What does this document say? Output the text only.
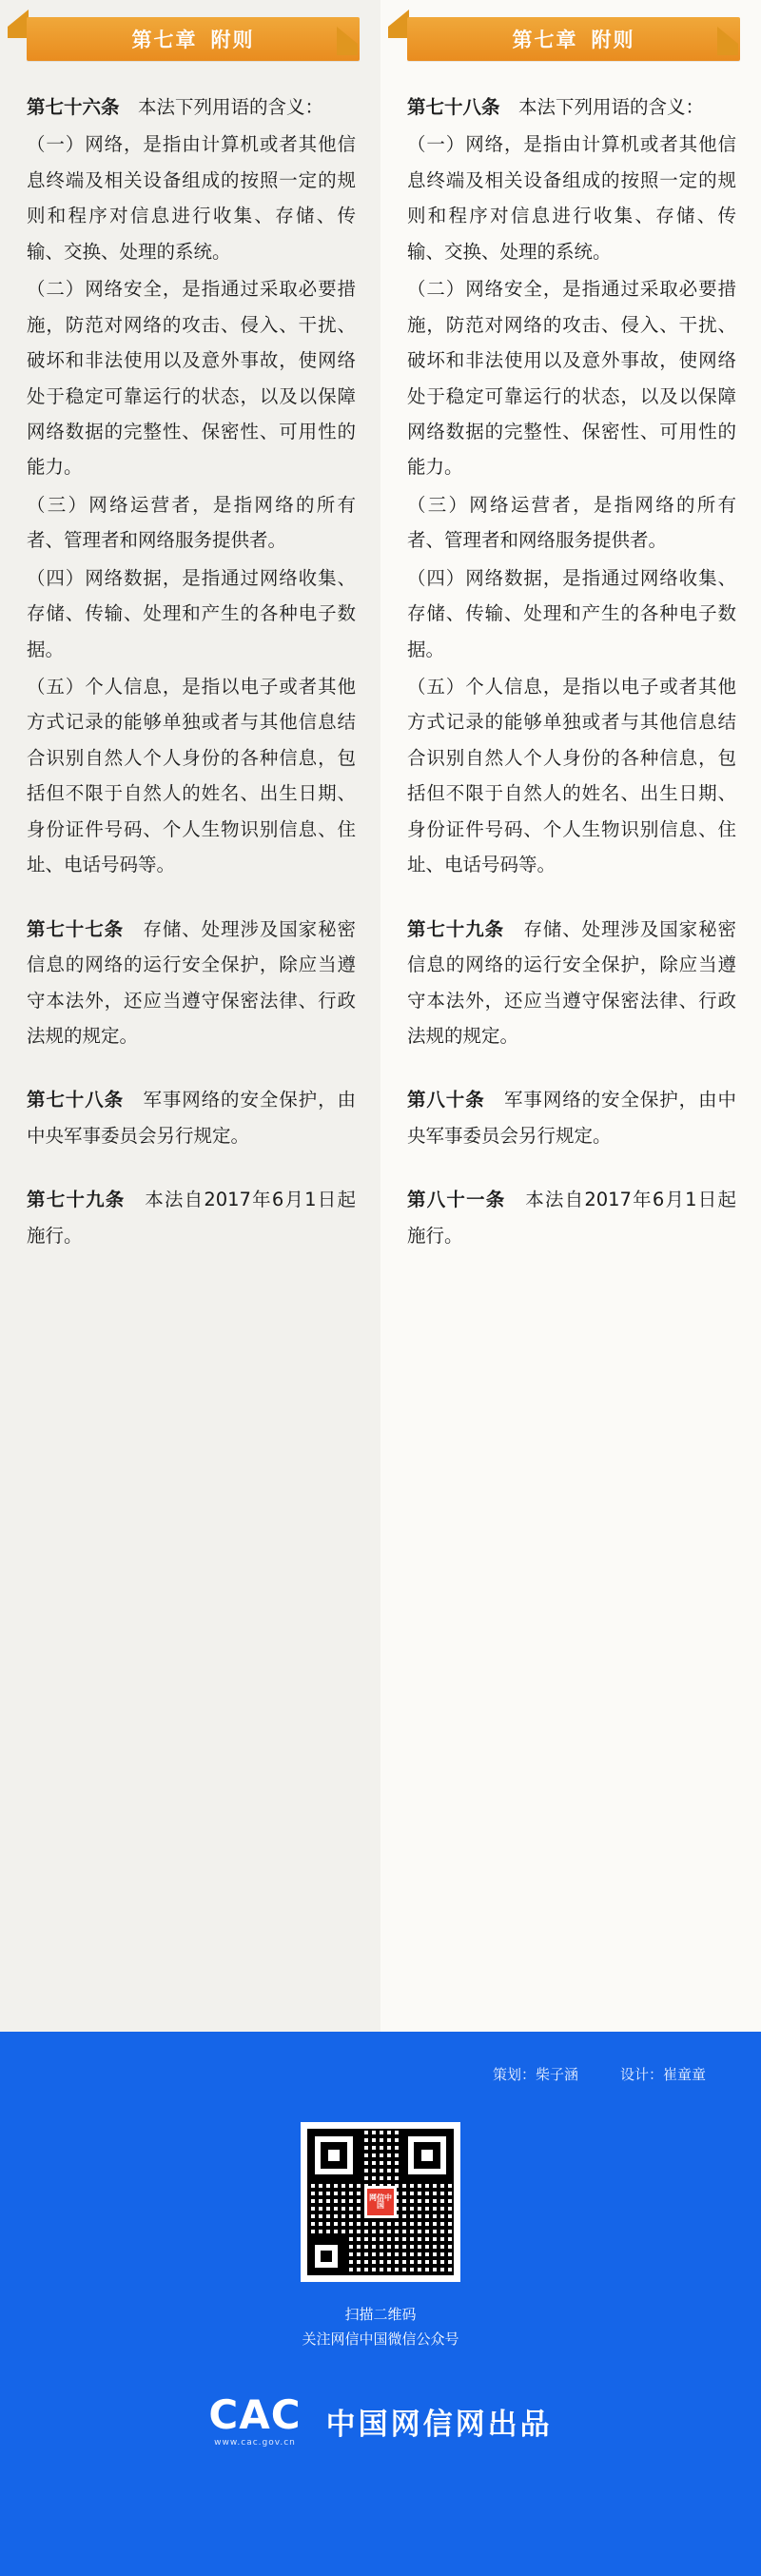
第七章 附则

第七十六条　 本法下列用语的含义：

（一）网络，是指由计算机或者其他信息终端及相关设备组成的按照一定的规则和程序对信息进行收集、存储、传输、交换、处理的系统。

（二）网络安全，是指通过采取必要措施，防范对网络的攻击、侵入、干扰、破坏和非法使用以及意外事故，使网络处于稳定可靠运行的状态，以及以保障网络数据的完整性、保密性、可用性的能力。

（三）网络运营者，是指网络的所有者、管理者和网络服务提供者。

（四）网络数据，是指通过网络收集、存储、传输、处理和产生的各种电子数据。

（五）个人信息，是指以电子或者其他方式记录的能够单独或者与其他信息结合识别自然人个人身份的各种信息，包括但不限于自然人的姓名、出生日期、身份证件号码、个人生物识别信息、住址、电话号码等。

第七十七条　 存储、处理涉及国家秘密信息的网络的运行安全保护，除应当遵守本法外，还应当遵守保密法律、行政法规的规定。

第七十八条　 军事网络的安全保护，由中央军事委员会另行规定。

第七十九条　 本法自2017年6月1日起施行。

第七章 附则

第七十八条　 本法下列用语的含义：

（一）网络，是指由计算机或者其他信息终端及相关设备组成的按照一定的规则和程序对信息进行收集、存储、传输、交换、处理的系统。

（二）网络安全，是指通过采取必要措施，防范对网络的攻击、侵入、干扰、破坏和非法使用以及意外事故，使网络处于稳定可靠运行的状态，以及以保障网络数据的完整性、保密性、可用性的能力。

（三）网络运营者，是指网络的所有者、管理者和网络服务提供者。

（四）网络数据，是指通过网络收集、存储、传输、处理和产生的各种电子数据。

（五）个人信息，是指以电子或者其他方式记录的能够单独或者与其他信息结合识别自然人个人身份的各种信息，包括但不限于自然人的姓名、出生日期、身份证件号码、个人生物识别信息、住址、电话号码等。

第七十九条　 存储、处理涉及国家秘密信息的网络的运行安全保护，除应当遵守本法外，还应当遵守保密法律、行政法规的规定。

第八十条　 军事网络的安全保护，由中央军事委员会另行规定。

第八十一条　 本法自2017年6月1日起施行。

策划：柴子涵	设计：崔童童
网信中国
扫描二维码
关注网信中国微信公众号
CAC
www.cac.gov.cn
中国网信网出品
